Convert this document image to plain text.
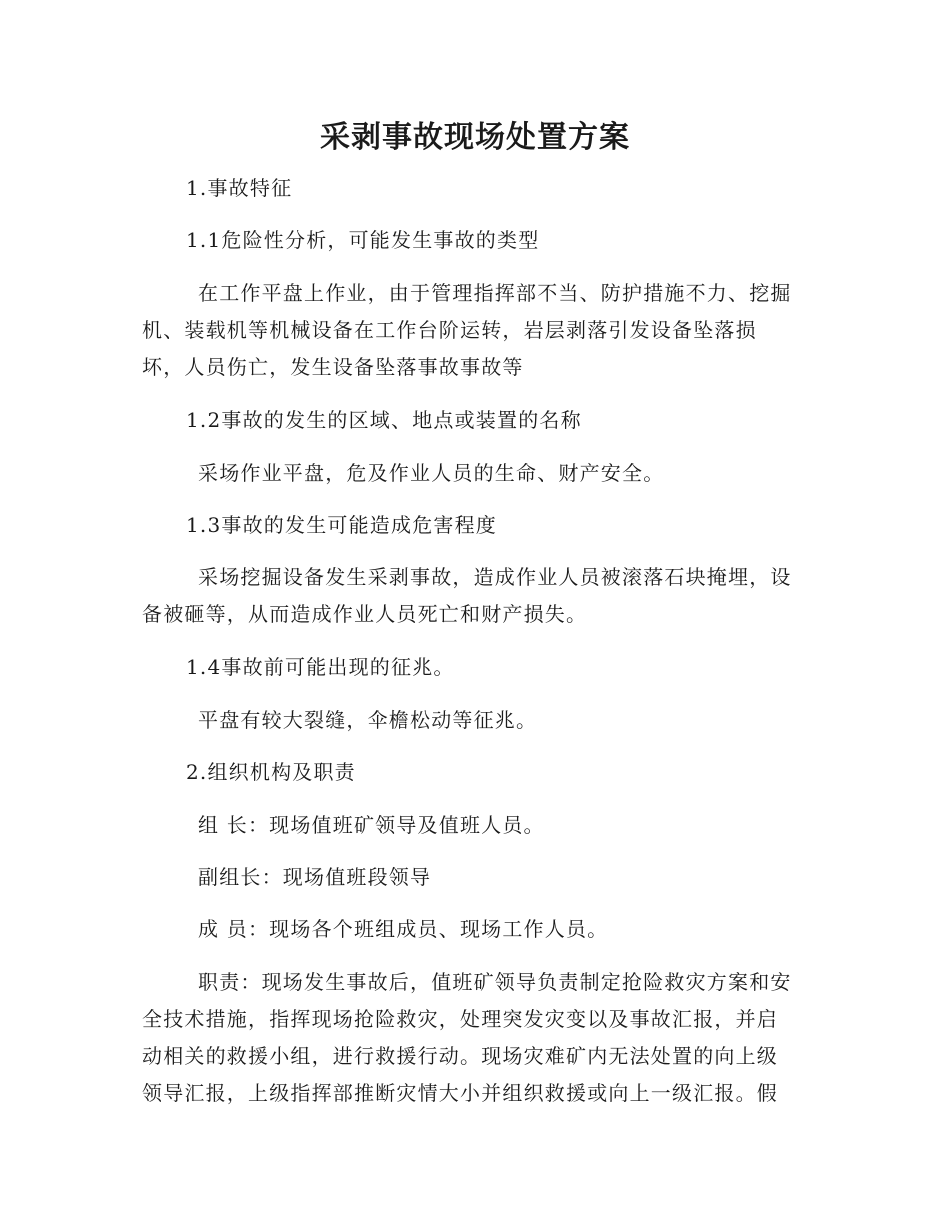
采剥事故现场处置方案

1.事故特征

1.1危险性分析，可能发生事故的类型

在工作平盘上作业，由于管理指挥部不当、防护措施不力、挖掘

机、装载机等机械设备在工作台阶运转，岩层剥落引发设备坠落损

坏，人员伤亡，发生设备坠落事故事故等

1.2事故的发生的区域、地点或装置的名称

采场作业平盘，危及作业人员的生命、财产安全。

1.3事故的发生可能造成危害程度

采场挖掘设备发生采剥事故，造成作业人员被滚落石块掩埋，设

备被砸等，从而造成作业人员死亡和财产损失。

1.4事故前可能出现的征兆。

平盘有较大裂缝，伞檐松动等征兆。

2.组织机构及职责

组 长：现场值班矿领导及值班人员。

副组长：现场值班段领导

成 员：现场各个班组成员、现场工作人员。

职责：现场发生事故后，值班矿领导负责制定抢险救灾方案和安

全技术措施，指挥现场抢险救灾，处理突发灾变以及事故汇报，并启

动相关的救援小组，进行救援行动。现场灾难矿内无法处置的向上级

领导汇报，上级指挥部推断灾情大小并组织救援或向上一级汇报。假
